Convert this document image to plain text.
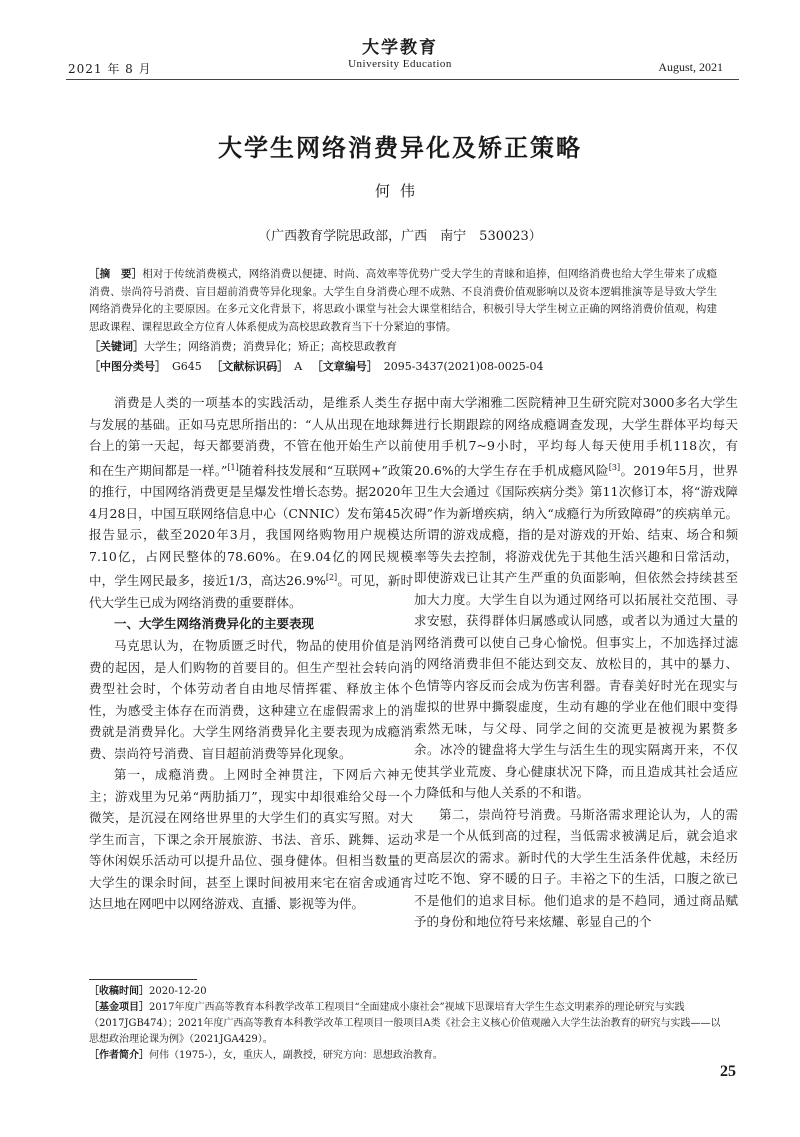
大学教育
2021 年 8 月	University Education	August, 2021
大学生网络消费异化及矫正策略
何伟
（广西教育学院思政部，广西　南宁　530023）
［摘　要］相对于传统消费模式，网络消费以便捷、时尚、高效率等优势广受大学生的青睐和追捧，但网络消费也给大学生带来了成瘾消费、崇尚符号消费、盲目超前消费等异化现象。大学生自身消费心理不成熟、不良消费价值观影响以及资本逻辑推演等是导致大学生网络消费异化的主要原因。在多元文化背景下，将思政小课堂与社会大课堂相结合，积极引导大学生树立正确的网络消费价值观，构建思政课程、课程思政全方位育人体系便成为高校思政教育当下十分紧迫的事情。
［关键词］大学生；网络消费；消费异化；矫正；高校思政教育
［中图分类号］ G645 ［文献标识码］ A ［文章编号］ 2095-3437(2021)08-0025-04

消费是人类的一项基本的实践活动，是维系人类生存与发展的基础。正如马克思所指出的：“人从出现在地球舞台上的第一天起，每天都要消费，不管在他开始生产以前和在生产期间都是一样。”[1]随着科技发展和“互联网+”政策的推行，中国网络消费更是呈爆发性增长态势。据2020年4月28日，中国互联网络信息中心（CNNIC）发布第45次报告显示，截至2020年3月，我国网络购物用户规模达7.10亿，占网民整体的78.60%。在9.04亿的网民规模中，学生网民最多，接近1/3，高达26.9%[2]。可见，新时代大学生已成为网络消费的重要群体。

一、大学生网络消费异化的主要表现

马克思认为，在物质匮乏时代，物品的使用价值是消费的起因，是人们购物的首要目的。但生产型社会转向消费型社会时，个体劳动者自由地尽情挥霍、释放主体个性，为感受主体存在而消费，这种建立在虚假需求上的消费就是消费异化。大学生网络消费异化主要表现为成瘾消费、崇尚符号消费、盲目超前消费等异化现象。

第一，成瘾消费。上网时全神贯注，下网后六神无主；游戏里为兄弟“两肋插刀”，现实中却很难给父母一个微笑，是沉浸在网络世界里的大学生们的真实写照。对大学生而言，下课之余开展旅游、书法、音乐、跳舞、运动等休闲娱乐活动可以提升品位、强身健体。但相当数量的大学生的课余时间，甚至上课时间被用来宅在宿舍或通宵达旦地在网吧中以网络游戏、直播、影视等为伴。

据中南大学湘雅二医院精神卫生研究院对3000多名大学生进行长期跟踪的网络成瘾调查发现，大学生群体平均每天使用手机7~9小时，平均每人每天使用手机118次，有20.6%的大学生存在手机成瘾风险[3]。2019年5月，世界卫生大会通过《国际疾病分类》第11次修订本，将“游戏障碍”作为新增疾病，纳入“成瘾行为所致障碍”的疾病单元。所谓的游戏成瘾，指的是对游戏的开始、结束、场合和频率等失去控制，将游戏优先于其他生活兴趣和日常活动，即使游戏已让其产生严重的负面影响，但依然会持续甚至加大力度。大学生自以为通过网络可以拓展社交范围、寻求安慰，获得群体归属感或认同感，或者以为通过大量的网络消费可以使自己身心愉悦。但事实上，不加选择过滤的网络消费非但不能达到交友、放松目的，其中的暴力、色情等内容反而会成为伤害利器。青春美好时光在现实与虚拟的世界中撕裂虚度，生动有趣的学业在他们眼中变得索然无味，与父母、同学之间的交流更是被视为累赘多余。冰冷的键盘将大学生与活生生的现实隔离开来，不仅使其学业荒废、身心健康状况下降，而且造成其社会适应力降低和与他人关系的不和谐。

第二，崇尚符号消费。马斯洛需求理论认为，人的需求是一个从低到高的过程，当低需求被满足后，就会追求更高层次的需求。新时代的大学生生活条件优越，未经历过吃不饱、穿不暖的日子。丰裕之下的生活，口腹之欲已不是他们的追求目标。他们追求的是不趋同，通过商品赋予的身份和地位符号来炫耀、彰显自己的个

［收稿时间］2020-12-20
［基金项目］2017年度广西高等教育本科教学改革工程项目“全面建成小康社会”视域下思课培育大学生生态文明素养的理论研究与实践（2017JGB474）；2021年度广西高等教育本科教学改革工程项目一般项目A类《社会主义核心价值观融入大学生法治教育的研究与实践——以思想政治理论课为例》（2021JGA429）。
［作者简介］何伟（1975-），女，重庆人，副教授，研究方向：思想政治教育。
25
